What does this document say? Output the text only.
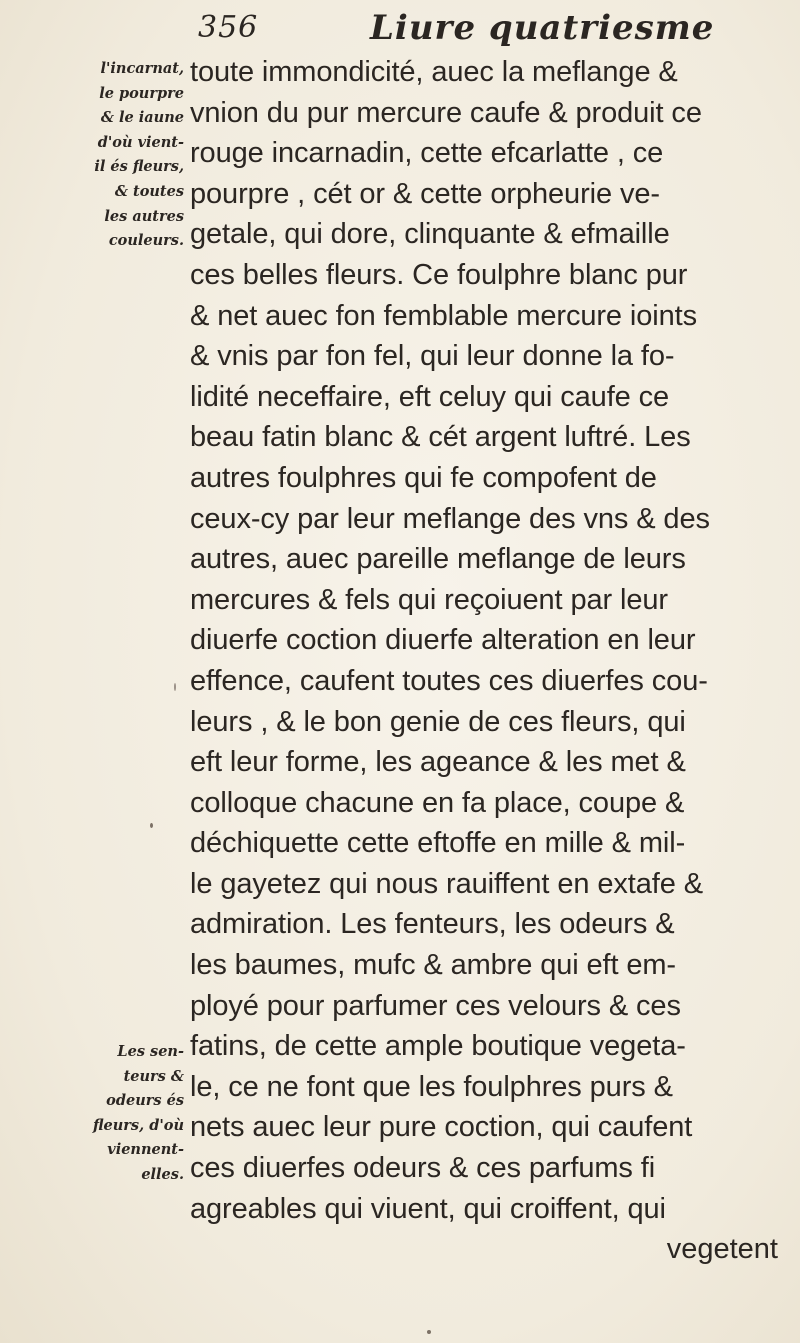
356	Liure quatriesme
l'incarnat,
le pourpre
& le iaune
d'où vient-
il és fleurs,
& toutes
les autres
couleurs.
Les sen-
teurs &
odeurs és
fleurs, d'où
viennent-
elles.
toute immondicité, auec la meflange &
vnion du pur mercure caufe & produit ce
rouge incarnadin, cette efcarlatte , ce
pourpre , cét or & cette orpheurie ve-
getale, qui dore, clinquante & efmaille
ces belles fleurs. Ce foulphre blanc pur
& net auec fon femblable mercure ioints
& vnis par fon fel, qui leur donne la fo-
lidité neceffaire, eft celuy qui caufe ce
beau fatin blanc & cét argent luftré. Les
autres foulphres qui fe compofent de
ceux-cy par leur meflange des vns & des
autres, auec pareille meflange de leurs
mercures & fels qui reçoiuent par leur
diuerfe coction diuerfe alteration en leur
effence, caufent toutes ces diuerfes cou-
leurs , & le bon genie de ces fleurs, qui
eft leur forme, les ageance & les met &
colloque chacune en fa place, coupe &
déchiquette cette eftoffe en mille & mil-
le gayetez qui nous rauiffent en extafe &
admiration. Les fenteurs, les odeurs &
les baumes, mufc & ambre qui eft em-
ployé pour parfumer ces velours & ces
fatins, de cette ample boutique vegeta-
le, ce ne font que les foulphres purs &
nets auec leur pure coction, qui caufent
ces diuerfes odeurs & ces parfums fi
agreables qui viuent, qui croiffent, qui
vegetent
